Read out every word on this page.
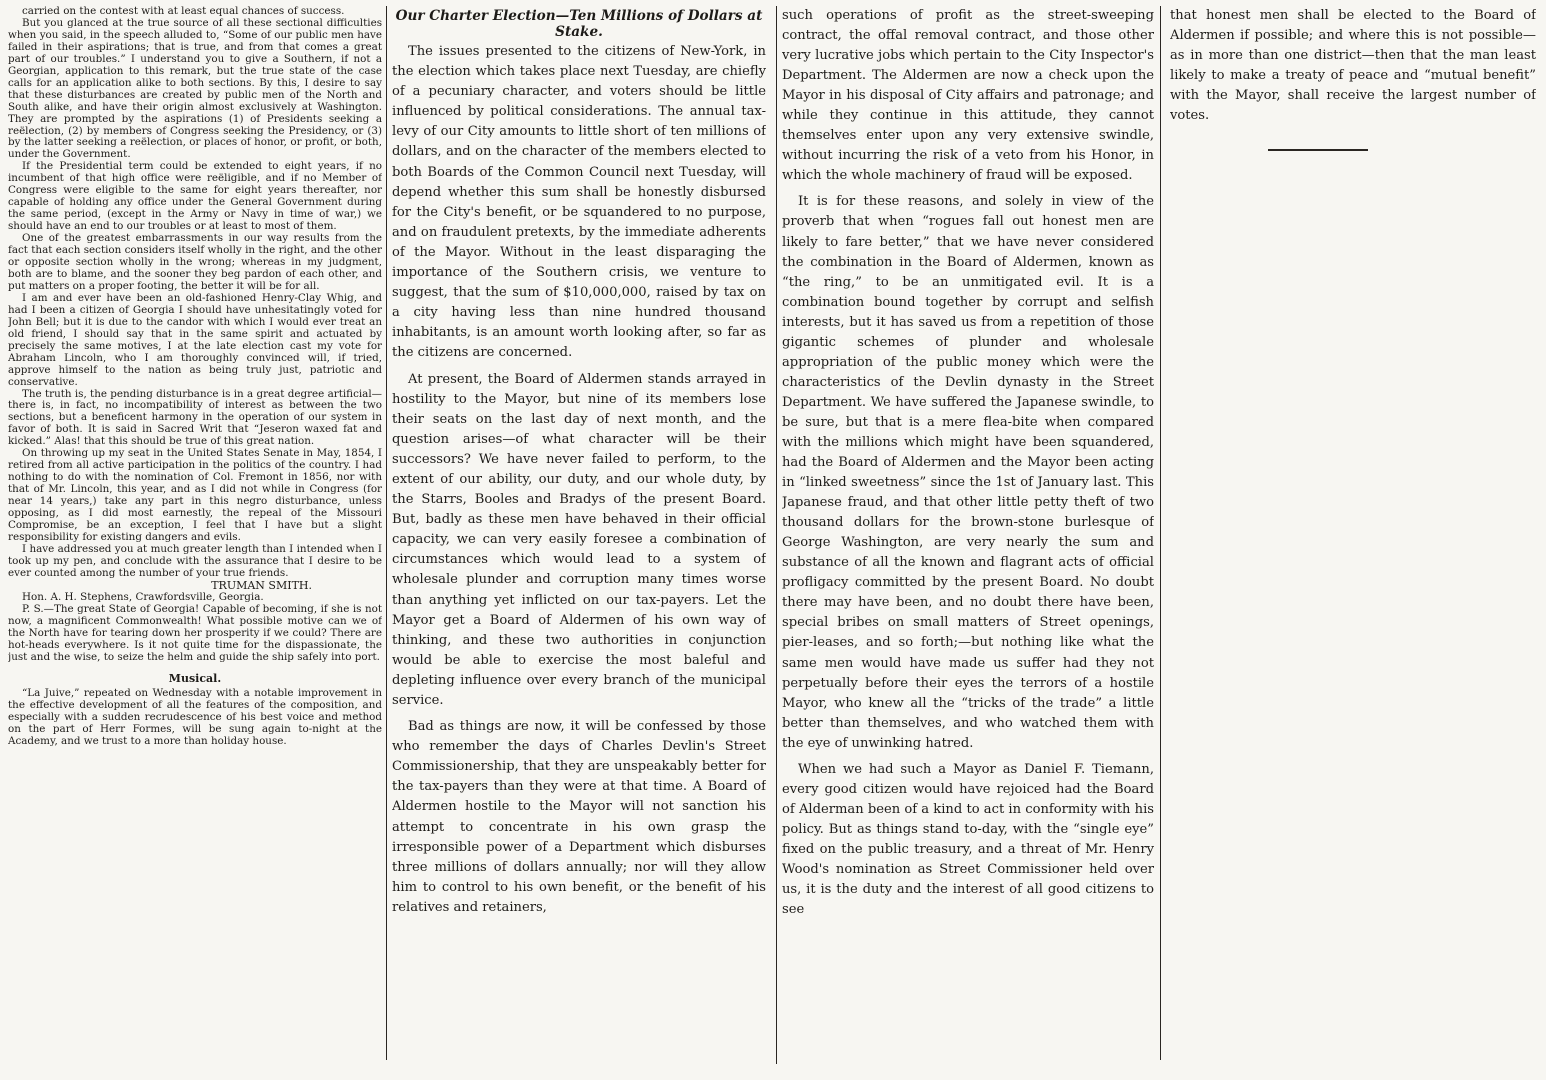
carried on the contest with at least equal chances of success.

But you glanced at the true source of all these sectional difficulties when you said, in the speech alluded to, “Some of our public men have failed in their aspirations; that is true, and from that comes a great part of our troubles.” I understand you to give a Southern, if not a Georgian, application to this remark, but the true state of the case calls for an application alike to both sections. By this, I desire to say that these disturbances are created by public men of the North and South alike, and have their origin almost exclusively at Washington. They are prompted by the aspirations (1) of Presidents seeking a reëlection, (2) by members of Congress seeking the Presidency, or (3) by the latter seeking a reëlection, or places of honor, or profit, or both, under the Government.

If the Presidential term could be extended to eight years, if no incumbent of that high office were reëligible, and if no Member of Congress were eligible to the same for eight years thereafter, nor capable of holding any office under the General Government during the same period, (except in the Army or Navy in time of war,) we should have an end to our troubles or at least to most of them.

One of the greatest embarrassments in our way results from the fact that each section considers itself wholly in the right, and the other or opposite section wholly in the wrong; whereas in my judgment, both are to blame, and the sooner they beg pardon of each other, and put matters on a proper footing, the better it will be for all.

I am and ever have been an old-fashioned Henry-Clay Whig, and had I been a citizen of Georgia I should have unhesitatingly voted for John Bell; but it is due to the candor with which I would ever treat an old friend, I should say that in the same spirit and actuated by precisely the same motives, I at the late election cast my vote for Abraham Lincoln, who I am thoroughly convinced will, if tried, approve himself to the nation as being truly just, patriotic and conservative.

The truth is, the pending disturbance is in a great degree artificial—there is, in fact, no incompatibility of interest as between the two sections, but a beneficent harmony in the operation of our system in favor of both. It is said in Sacred Writ that “Jeseron waxed fat and kicked.” Alas! that this should be true of this great nation.

On throwing up my seat in the United States Senate in May, 1854, I retired from all active participation in the politics of the country. I had nothing to do with the nomination of Col. Fremont in 1856, nor with that of Mr. Lincoln, this year, and as I did not while in Congress (for near 14 years,) take any part in this negro disturbance, unless opposing, as I did most earnestly, the repeal of the Missouri Compromise, be an exception, I feel that I have but a slight responsibility for existing dangers and evils.

I have addressed you at much greater length than I intended when I took up my pen, and conclude with the assurance that I desire to be ever counted among the number of your true friends.

TRUMAN SMITH.

Hon. A. H. Stephens, Crawfordsville, Georgia.

P. S.—The great State of Georgia! Capable of becoming, if she is not now, a magnificent Commonwealth! What possible motive can we of the North have for tearing down her prosperity if we could? There are hot-heads everywhere. Is it not quite time for the dispassionate, the just and the wise, to seize the helm and guide the ship safely into port.

Musical.

“La Juive,” repeated on Wednesday with a notable improvement in the effective development of all the features of the composition, and especially with a sudden recrudescence of his best voice and method on the part of Herr Formes, will be sung again to-night at the Academy, and we trust to a more than holiday house.

Our Charter Election—Ten Millions of Dollars at Stake.

The issues presented to the citizens of New-York, in the election which takes place next Tuesday, are chiefly of a pecuniary character, and voters should be little influenced by political considerations. The annual tax-levy of our City amounts to little short of ten millions of dollars, and on the character of the members elected to both Boards of the Common Council next Tuesday, will depend whether this sum shall be honestly disbursed for the City's benefit, or be squandered to no purpose, and on fraudulent pretexts, by the immediate adherents of the Mayor. Without in the least disparaging the importance of the Southern crisis, we venture to suggest, that the sum of $10,000,000, raised by tax on a city having less than nine hundred thousand inhabitants, is an amount worth looking after, so far as the citizens are concerned.

At present, the Board of Aldermen stands arrayed in hostility to the Mayor, but nine of its members lose their seats on the last day of next month, and the question arises—of what character will be their successors? We have never failed to perform, to the extent of our ability, our duty, and our whole duty, by the Starrs, Booles and Bradys of the present Board. But, badly as these men have behaved in their official capacity, we can very easily foresee a combination of circumstances which would lead to a system of wholesale plunder and corruption many times worse than anything yet inflicted on our tax-payers. Let the Mayor get a Board of Aldermen of his own way of thinking, and these two authorities in conjunction would be able to exercise the most baleful and depleting influence over every branch of the municipal service.

Bad as things are now, it will be confessed by those who remember the days of Charles Devlin's Street Commissionership, that they are unspeakably better for the tax-payers than they were at that time. A Board of Aldermen hostile to the Mayor will not sanction his attempt to concentrate in his own grasp the irresponsible power of a Department which disburses three millions of dollars annually; nor will they allow him to control to his own benefit, or the benefit of his relatives and retainers,

such operations of profit as the street-sweeping contract, the offal removal contract, and those other very lucrative jobs which pertain to the City Inspector's Department. The Aldermen are now a check upon the Mayor in his disposal of City affairs and patronage; and while they continue in this attitude, they cannot themselves enter upon any very extensive swindle, without incurring the risk of a veto from his Honor, in which the whole machinery of fraud will be exposed.

It is for these reasons, and solely in view of the proverb that when “rogues fall out honest men are likely to fare better,” that we have never considered the combination in the Board of Aldermen, known as “the ring,” to be an unmitigated evil. It is a combination bound together by corrupt and selfish interests, but it has saved us from a repetition of those gigantic schemes of plunder and wholesale appropriation of the public money which were the characteristics of the Devlin dynasty in the Street Department. We have suffered the Japanese swindle, to be sure, but that is a mere flea-bite when compared with the millions which might have been squandered, had the Board of Aldermen and the Mayor been acting in “linked sweetness” since the 1st of January last. This Japanese fraud, and that other little petty theft of two thousand dollars for the brown-stone burlesque of George Washington, are very nearly the sum and substance of all the known and flagrant acts of official profligacy committed by the present Board. No doubt there may have been, and no doubt there have been, special bribes on small matters of Street openings, pier-leases, and so forth;—but nothing like what the same men would have made us suffer had they not perpetually before their eyes the terrors of a hostile Mayor, who knew all the “tricks of the trade” a little better than themselves, and who watched them with the eye of unwinking hatred.

When we had such a Mayor as Daniel F. Tiemann, every good citizen would have rejoiced had the Board of Alderman been of a kind to act in conformity with his policy. But as things stand to-day, with the “single eye” fixed on the public treasury, and a threat of Mr. Henry Wood's nomination as Street Commissioner held over us, it is the duty and the interest of all good citizens to see

that honest men shall be elected to the Board of Aldermen if possible; and where this is not possible—as in more than one district—then that the man least likely to make a treaty of peace and “mutual benefit” with the Mayor, shall receive the largest number of votes.
